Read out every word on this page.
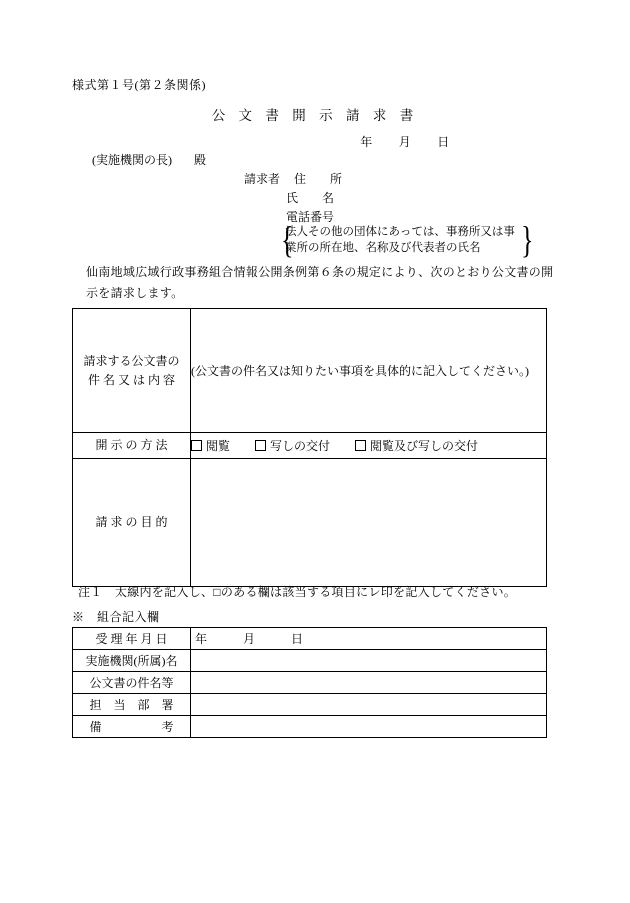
様式第１号(第２条関係)
公 文 書 開 示 請 求 書
年 月 日
(実施機関の長) 殿
請求者 住　　所
氏　　名
電話番号
{
法人その他の団体にあっては、事務所又は事
業所の所在地、名称及び代表者の氏名	}
仙南地域広域行政事務組合情報公開条例第６条の規定により、次のとおり公文書の開
示を請求します。
請求する公文書の
件 名 又 は 内 容	(公文書の件名又は知りたい事項を具体的に記入してください。)

開 示 の 方 法	閲覧 写しの交付 閲覧及び写しの交付

請 求 の 目 的	

注１　太線内を記入し、□のある欄は該当する項目にレ印を記入してください。
※　組合記入欄
受 理 年 月 日	年　　　月　　　日
実施機関(所属)名	
公文書の件名等	
担　当　部　署	
備　　　　　考	
